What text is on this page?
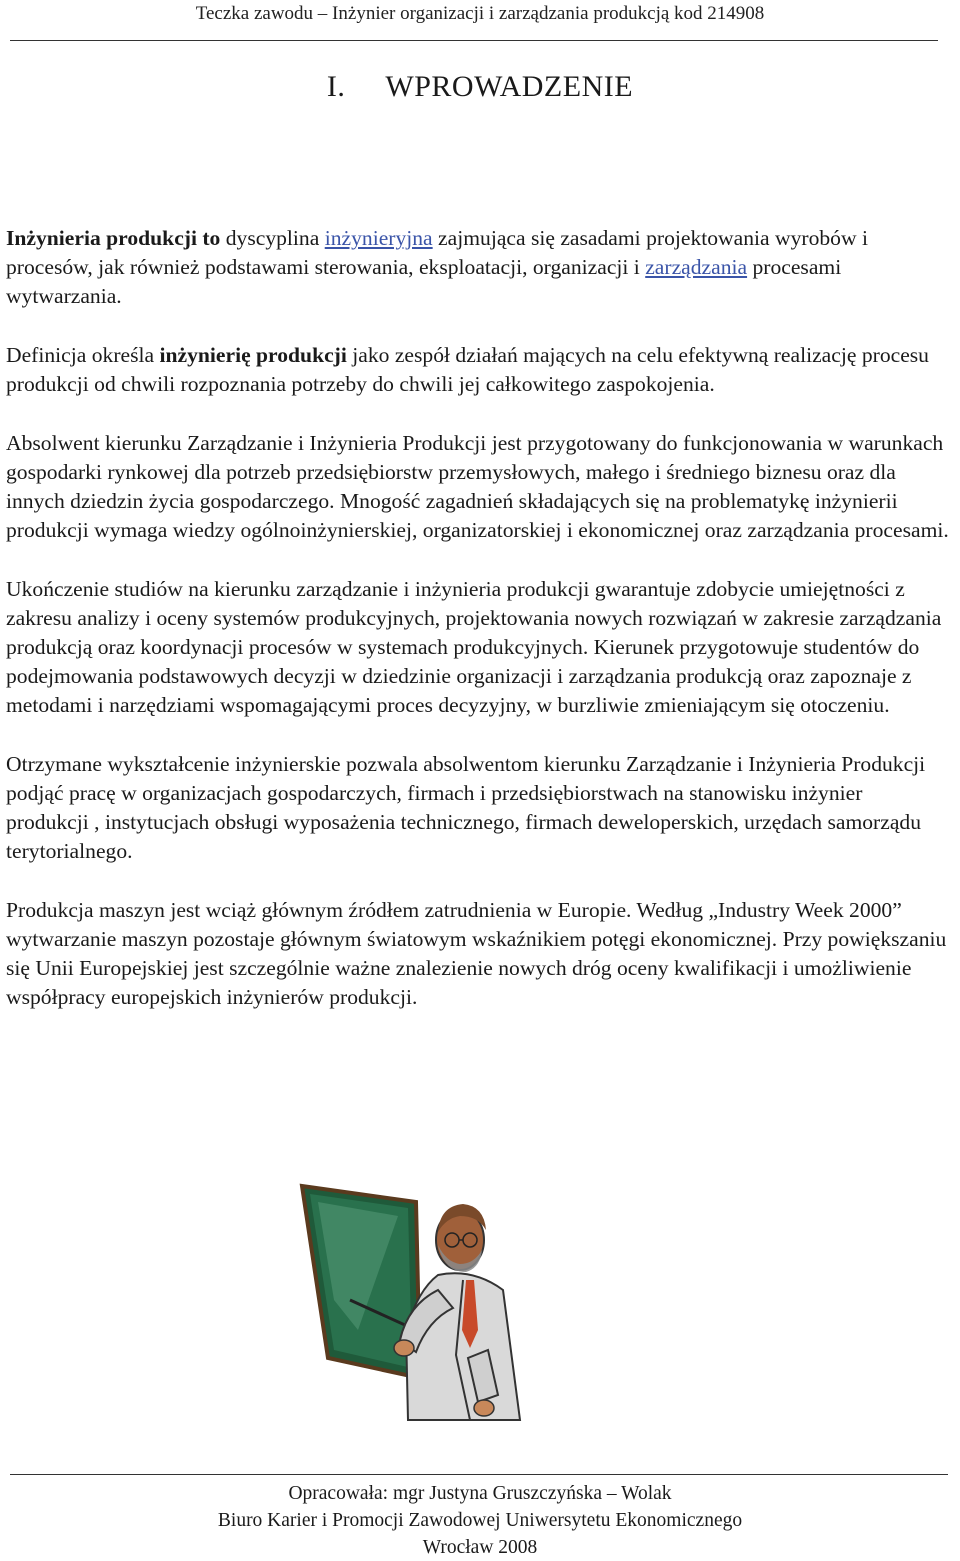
Teczka zawodu – Inżynier organizacji i zarządzania produkcją kod 214908
I. WPROWADZENIE

Inżynieria produkcji to dyscyplina inżynieryjna zajmująca się zasadami projektowania wyrobów i procesów, jak również podstawami sterowania, eksploatacji, organizacji i zarządzania procesami wytwarzania.

Definicja określa inżynierię produkcji jako zespół działań mających na celu efektywną realizację procesu produkcji od chwili rozpoznania potrzeby do chwili jej całkowitego zaspokojenia.

Absolwent kierunku Zarządzanie i Inżynieria Produkcji jest przygotowany do funkcjonowania w warunkach gospodarki rynkowej dla potrzeb przedsiębiorstw przemysłowych, małego i średniego biznesu oraz dla innych dziedzin życia gospodarczego. Mnogość zagadnień składających się na problematykę inżynierii produkcji wymaga wiedzy ogólnoinżynierskiej, organizatorskiej i ekonomicznej oraz zarządzania procesami.

Ukończenie studiów na kierunku zarządzanie i inżynieria produkcji gwarantuje zdobycie umiejętności z zakresu analizy i oceny systemów produkcyjnych, projektowania nowych rozwiązań w zakresie zarządzania produkcją oraz koordynacji procesów w systemach produkcyjnych. Kierunek przygotowuje studentów do podejmowania podstawowych decyzji w dziedzinie organizacji i zarządzania produkcją oraz zapoznaje z metodami i narzędziami wspomagającymi proces decyzyjny, w burzliwie zmieniającym się otoczeniu.

Otrzymane wykształcenie inżynierskie pozwala absolwentom kierunku Zarządzanie i Inżynieria Produkcji podjąć pracę w organizacjach gospodarczych, firmach i przedsiębiorstwach na stanowisku inżynier produkcji , instytucjach obsługi wyposażenia technicznego, firmach deweloperskich, urzędach samorządu terytorialnego.

Produkcja maszyn jest wciąż głównym źródłem zatrudnienia w Europie. Według „Industry Week 2000” wytwarzanie maszyn pozostaje głównym światowym wskaźnikiem potęgi ekonomicznej. Przy powiększaniu się Unii Europejskiej jest szczególnie ważne znalezienie nowych dróg oceny kwalifikacji i umożliwienie współpracy europejskich inżynierów produkcji.

Opracowała: mgr Justyna Gruszczyńska – Wolak
Biuro Karier i Promocji Zawodowej Uniwersytetu Ekonomicznego
Wrocław 2008
